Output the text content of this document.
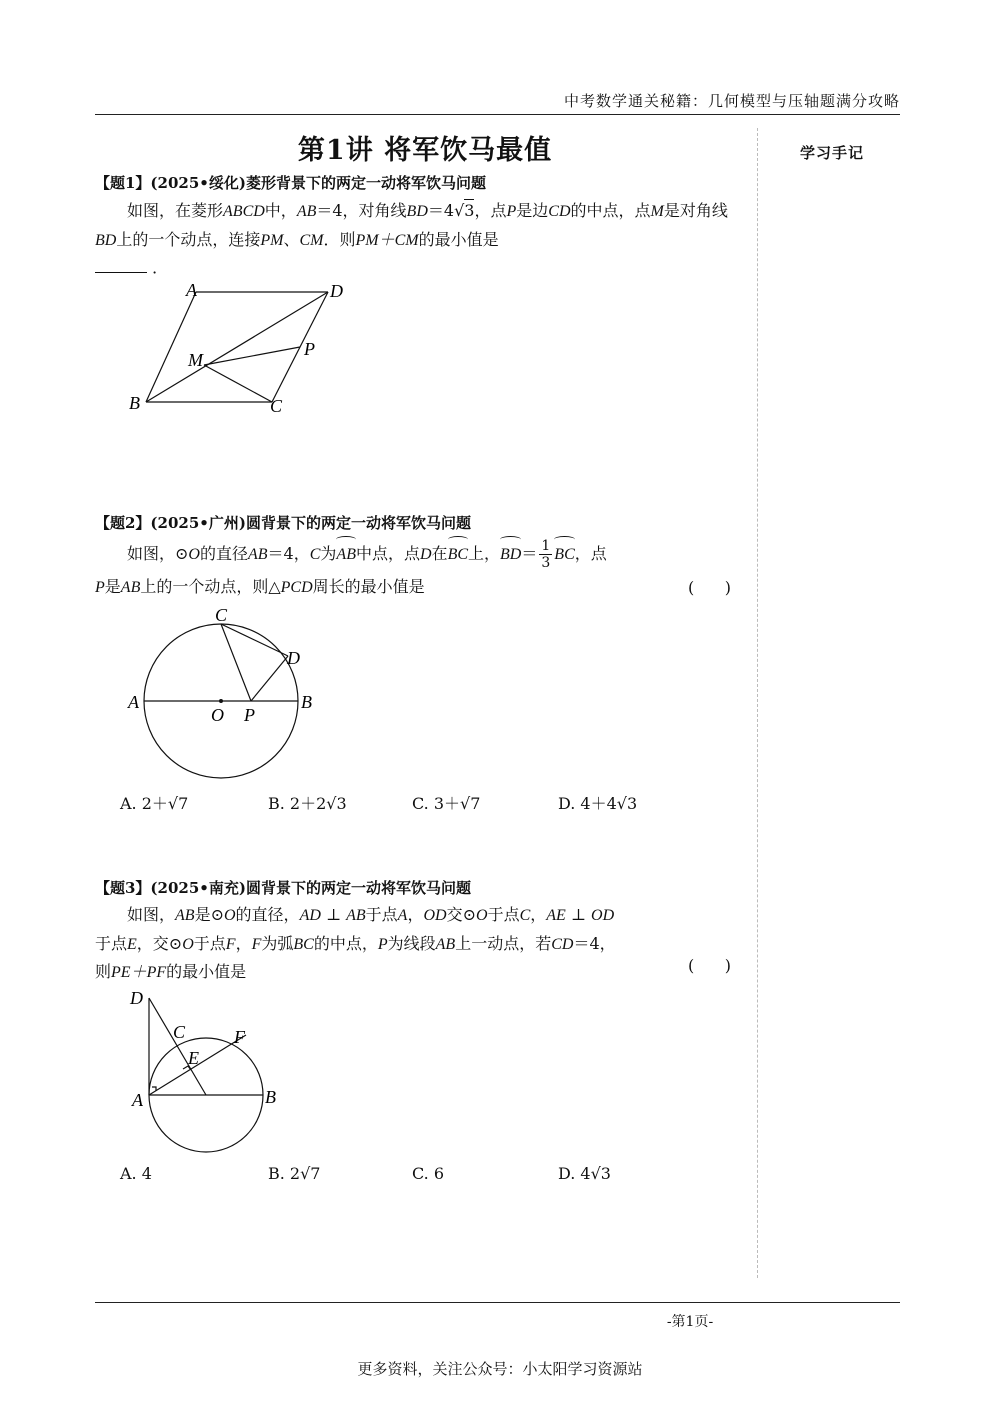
中考数学通关秘籍：几何模型与压轴题满分攻略
学习手记
第1讲 将军饮马最值
【题1】(2025•绥化)菱形背景下的两定一动将军饮马问题

如图，在菱形ABCD中，AB＝4，对角线BD＝4√3，点P是边CD的中点，点M是对角线BD上的一个动点，连接PM、CM．则PM＋CM的最小值是
．

A	D
M
P
B	C
【题2】(2025•广州)圆背景下的两定一动将军饮马问题

如图，⊙O的直径AB＝4，C为AB中点，点D在BC上，$BD= \frac{1}{3}$ BC，点
P是AB上的一个动点，则△PCD周长的最小值是	(      )
C
D
A	B
O P
A. 2＋√7	B. 2＋2√3	C. 3＋√7	D. 4＋4√3
【题3】(2025•南充)圆背景下的两定一动将军饮马问题

如图，AB是⊙O的直径，AD ⊥ AB于点A，OD交⊙O于点C，AE ⊥ OD
于点E，交⊙O于点F，F为弧BC的中点，P为线段AB上一动点，若CD＝4，
则PE＋PF的最小值是	(      )
D
C
E
F
A	B
A. 4	B. 2√7	C. 6	D. 4√3
-第1页-
更多资料，关注公众号：小太阳学习资源站
